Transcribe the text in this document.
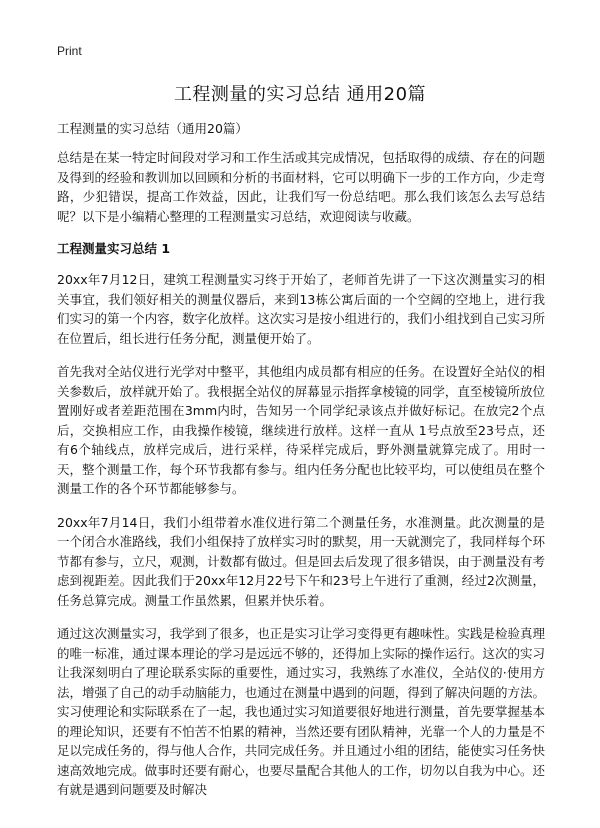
Print
工程测量的实习总结 通用20篇

工程测量的实习总结（通用20篇）

总结是在某一特定时间段对学习和工作生活或其完成情况，包括取得的成绩、存在的问题及得到的经验和教训加以回顾和分析的书面材料，它可以明确下一步的工作方向，少走弯路，少犯错误，提高工作效益，因此，让我们写一份总结吧。那么我们该怎么去写总结呢？以下是小编精心整理的工程测量实习总结，欢迎阅读与收藏。

工程测量实习总结 1

20xx年7月12日，建筑工程测量实习终于开始了，老师首先讲了一下这次测量实习的相关事宜，我们领好相关的测量仪器后，来到13栋公寓后面的一个空阔的空地上，进行我们实习的第一个内容，数字化放样。这次实习是按小组进行的，我们小组找到自己实习所在位置后，组长进行任务分配，测量便开始了。

首先我对全站仪进行光学对中整平，其他组内成员都有相应的任务。在设置好全站仪的相关参数后，放样就开始了。我根据全站仪的屏幕显示指挥拿棱镜的同学，直至棱镜所放位置刚好或者差距范围在3mm内时，告知另一个同学纪录该点并做好标记。在放完2个点后，交换相应工作，由我操作棱镜，继续进行放样。这样一直从 1号点放至23号点，还有6个轴线点，放样完成后，进行采样，待采样完成后，野外测量就算完成了。用时一天，整个测量工作，每个环节我都有参与。组内任务分配也比较平均，可以使组员在整个测量工作的各个环节都能够参与。

20xx年7月14日，我们小组带着水准仪进行第二个测量任务，水准测量。此次测量的是一个闭合水准路线，我们小组保持了放样实习时的默契，用一天就测完了，我同样每个环节都有参与，立尺，观测，计数都有做过。但是回去后发现了很多错误，由于测量没有考虑到视距差。因此我们于20xx年12月22号下午和23号上午进行了重测，经过2次测量，任务总算完成。测量工作虽然累，但累并快乐着。

通过这次测量实习，我学到了很多，也正是实习让学习变得更有趣味性。实践是检验真理的唯一标准，通过课本理论的学习是远远不够的，还得加上实际的操作运行。这次的实习让我深刻明白了理论联系实际的重要性，通过实习，我熟练了水准仪，全站仪的·使用方法，增强了自己的动手动脑能力，也通过在测量中遇到的问题，得到了解决问题的方法。实习使理论和实际联系在了一起，我也通过实习知道要很好地进行测量，首先要掌握基本的理论知识，还要有不怕苦不怕累的精神，当然还要有团队精神，光靠一个人的力量是不足以完成任务的，得与他人合作，共同完成任务。并且通过小组的团结，能使实习任务快速高效地完成。做事时还要有耐心，也要尽量配合其他人的工作，切勿以自我为中心。还有就是遇到问题要及时解决
